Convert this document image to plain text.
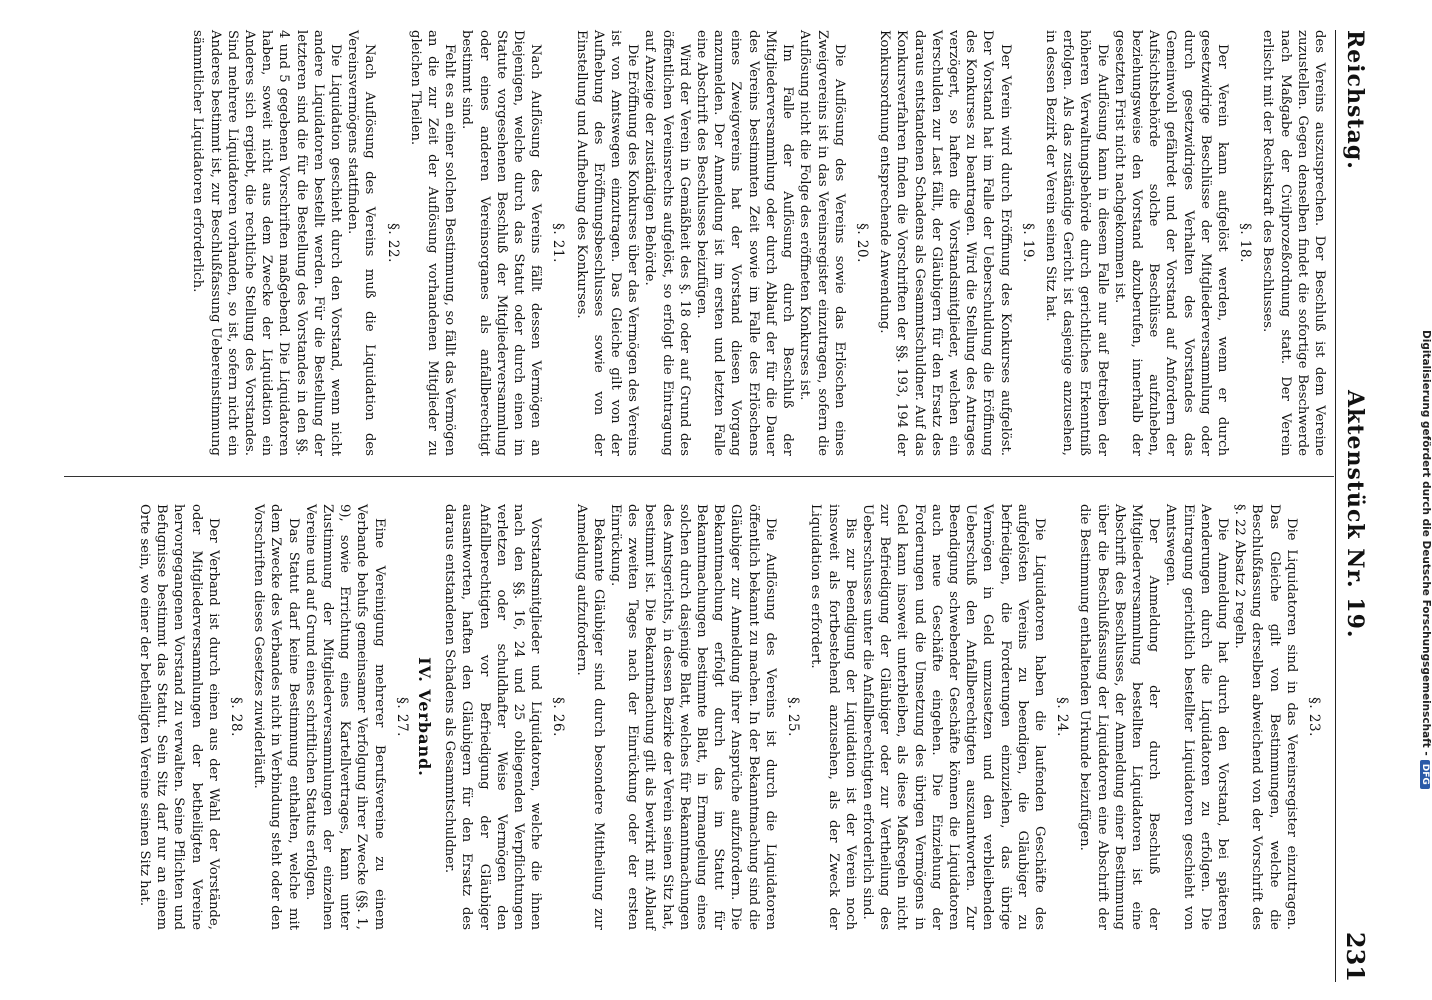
Digitalisierung gefördert durch die Deutsche Forschungsgemeinschaft -DFG
Reichstag.
Aktenstück Nr. 19.
231

des Vereins auszusprechen. Der Beschluß ist dem Vereine zuzustellen. Gegen denselben findet die sofortige Beschwerde nach Maßgabe der Civilprozeßordnung statt. Der Verein erlischt mit der Rechtskraft des Beschlusses.

§. 18.

Der Verein kann aufgelöst werden, wenn er durch gesetzwidrige Beschlüsse der Mitgliederversammlung oder durch gesetzwidriges Verhalten des Vorstandes das Gemeinwohl gefährdet und der Vorstand auf Anfordern der Aufsichtsbehörde solche Beschlüsse aufzuheben, beziehungsweise den Vorstand abzuberufen, innerhalb der gesetzten Frist nicht nachgekommen ist.

Die Auflösung kann in diesem Falle nur auf Betreiben der höheren Verwaltungsbehörde durch gerichtliches Erkenntniß erfolgen. Als das zuständige Gericht ist dasjenige anzusehen, in dessen Bezirk der Verein seinen Sitz hat.

§. 19.

Der Verein wird durch Eröffnung des Konkurses aufgelöst. Der Vorstand hat im Falle der Ueberschuldung die Eröffnung des Konkurses zu beantragen. Wird die Stellung des Antrages verzögert, so haften die Vorstandsmitglieder, welchen ein Verschulden zur Last fällt, der Gläubigern für den Ersatz des daraus entstandenen Schadens als Gesammtschuldner. Auf das Konkursverfahren finden die Vorschriften der §§. 193, 194 der Konkursordnung entsprechende Anwendung.

§. 20.

Die Auflösung des Vereins sowie das Erlöschen eines Zweigvereins ist in das Vereinsregister einzutragen, sofern die Auflösung nicht die Folge des eröffneten Konkurses ist.

Im Falle der Auflösung durch Beschluß der Mitgliederversammlung oder durch Ablauf der für die Dauer des Vereins bestimmten Zeit sowie im Falle des Erlöschens eines Zweigvereins hat der Vorstand diesen Vorgang anzumelden. Der Anmeldung ist im ersten und letzten Falle eine Abschrift des Beschlusses beizufügen.

Wird der Verein in Gemäßheit des §. 18 oder auf Grund des öffentlichen Vereinsrechts aufgelöst, so erfolgt die Eintragung auf Anzeige der zuständigen Behörde.

Die Eröffnung des Konkurses über das Vermögen des Vereins ist von Amtswegen einzutragen. Das Gleiche gilt von der Aufhebung des Eröffnungsbeschlusses sowie von der Einstellung und Aufhebung des Konkurses.

§. 21.

Nach Auflösung des Vereins fällt dessen Vermögen an Diejenigen, welche durch das Statut oder durch einen im Statute vorgesehenen Beschluß der Mitgliederversammlung oder eines anderen Vereinsorganes als anfallberechtigt bestimmt sind.

Fehlt es an einer solchen Bestimmung, so fällt das Vermögen an die zur Zeit der Auflösung vorhandenen Mitglieder zu gleichen Theilen.

§. 22.

Nach Auflösung des Vereins muß die Liquidation des Vereinsvermögens stattfinden.

Die Liquidation geschieht durch den Vorstand, wenn nicht andere Liquidatoren bestellt werden. Für die Bestellung der letzteren sind die für die Bestellung des Vorstandes in den §§. 4 und 5 gegebenen Vorschriften maßgebend. Die Liquidatoren haben, soweit nicht aus dem Zwecke der Liquidation ein Anderes sich ergiebt, die rechtliche Stellung des Vorstandes. Sind mehrere Liquidatoren vorhanden, so ist, sofern nicht ein Anderes bestimmt ist, zur Beschlußfassung Uebereinstimmung sämmtlicher Liquidatoren erforderlich.

§. 23.

Die Liquidatoren sind in das Vereinsregister einzutragen. Das Gleiche gilt von Bestimmungen, welche die Beschlußfassung derselben abweichend von der Vorschrift des §. 22 Absatz 2 regeln.

Die Anmeldung hat durch den Vorstand, bei späteren Aenderungen durch die Liquidatoren zu erfolgen. Die Eintragung gerichtlich bestellter Liquidatoren geschieht von Amtswegen.

Der Anmeldung der durch Beschluß der Mitgliederversammlung bestellten Liquidatoren ist eine Abschrift des Beschlusses, der Anmeldung einer Bestimmung über die Beschlußfassung der Liquidatoren eine Abschrift der die Bestimmung enthaltenden Urkunde beizufügen.

§. 24.

Die Liquidatoren haben die laufenden Geschäfte des aufgelösten Vereins zu beendigen, die Gläubiger zu befriedigen, die Forderungen einzuziehen, das übrige Vermögen in Geld umzusetzen und den verbleibenden Ueberschuß den Anfallberechtigten auszuantworten. Zur Beendigung schwebender Geschäfte können die Liquidatoren auch neue Geschäfte eingehen. Die Einziehung der Forderungen und die Umsetzung des übrigen Vermögens in Geld kann insoweit unterbleiben, als diese Maßregeln nicht zur Befriedigung der Gläubiger oder zur Vertheilung des Ueberschusses unter die Anfallberechtigten erforderlich sind.

Bis zur Beendigung der Liquidation ist der Verein noch insoweit als fortbestehend anzusehen, als der Zweck der Liquidation es erfordert.

§. 25.

Die Auflösung des Vereins ist durch die Liquidatoren öffentlich bekannt zu machen. In der Bekanntmachung sind die Gläubiger zur Anmeldung ihrer Ansprüche aufzufordern. Die Bekanntmachung erfolgt durch das im Statut für Bekanntmachungen bestimmte Blatt, in Ermangelung eines solchen durch dasjenige Blatt, welches für Bekanntmachungen des Amtsgerichts, in dessen Bezirke der Verein seinen Sitz hat, bestimmt ist. Die Bekanntmachung gilt als bewirkt mit Ablauf des zweiten Tages nach der Einrückung oder der ersten Einrückung.

Bekannte Gläubiger sind durch besondere Mittheilung zur Anmeldung aufzufordern.

§. 26.

Vorstandsmitglieder und Liquidatoren, welche die ihnen nach den §§. 16, 24 und 25 obliegenden Verpflichtungen verletzen oder schuldhafter Weise Vermögen den Anfallberechtigten vor Befriedigung der Gläubiger ausantworten, haften den Gläubigern für den Ersatz des daraus entstandenen Schadens als Gesammtschuldner.

IV. Verband.
§. 27.

Eine Vereinigung mehrerer Berufsvereine zu einem Verbande behufs gemeinsamer Verfolgung ihrer Zwecke (§§. 1, 9), sowie Errichtung eines Kartellvertrages, kann unter Zustimmung der Mitgliederversammlungen der einzelnen Vereine und auf Grund eines schriftlichen Statuts erfolgen.

Das Statut darf keine Bestimmung enthalten, welche mit dem Zwecke des Verbandes nicht in Verbindung steht oder den Vorschriften dieses Gesetzes zuwiderläuft.

§. 28.

Der Verband ist durch einen aus der Wahl der Vorstände, oder Mitgliederversammlungen der betheiligten Vereine hervorgegangenen Vorstand zu verwalten. Seine Pflichten und Befugnisse bestimmt das Statut. Sein Sitz darf nur an einem Orte sein, wo einer der betheiligten Vereine seinen Sitz hat.
